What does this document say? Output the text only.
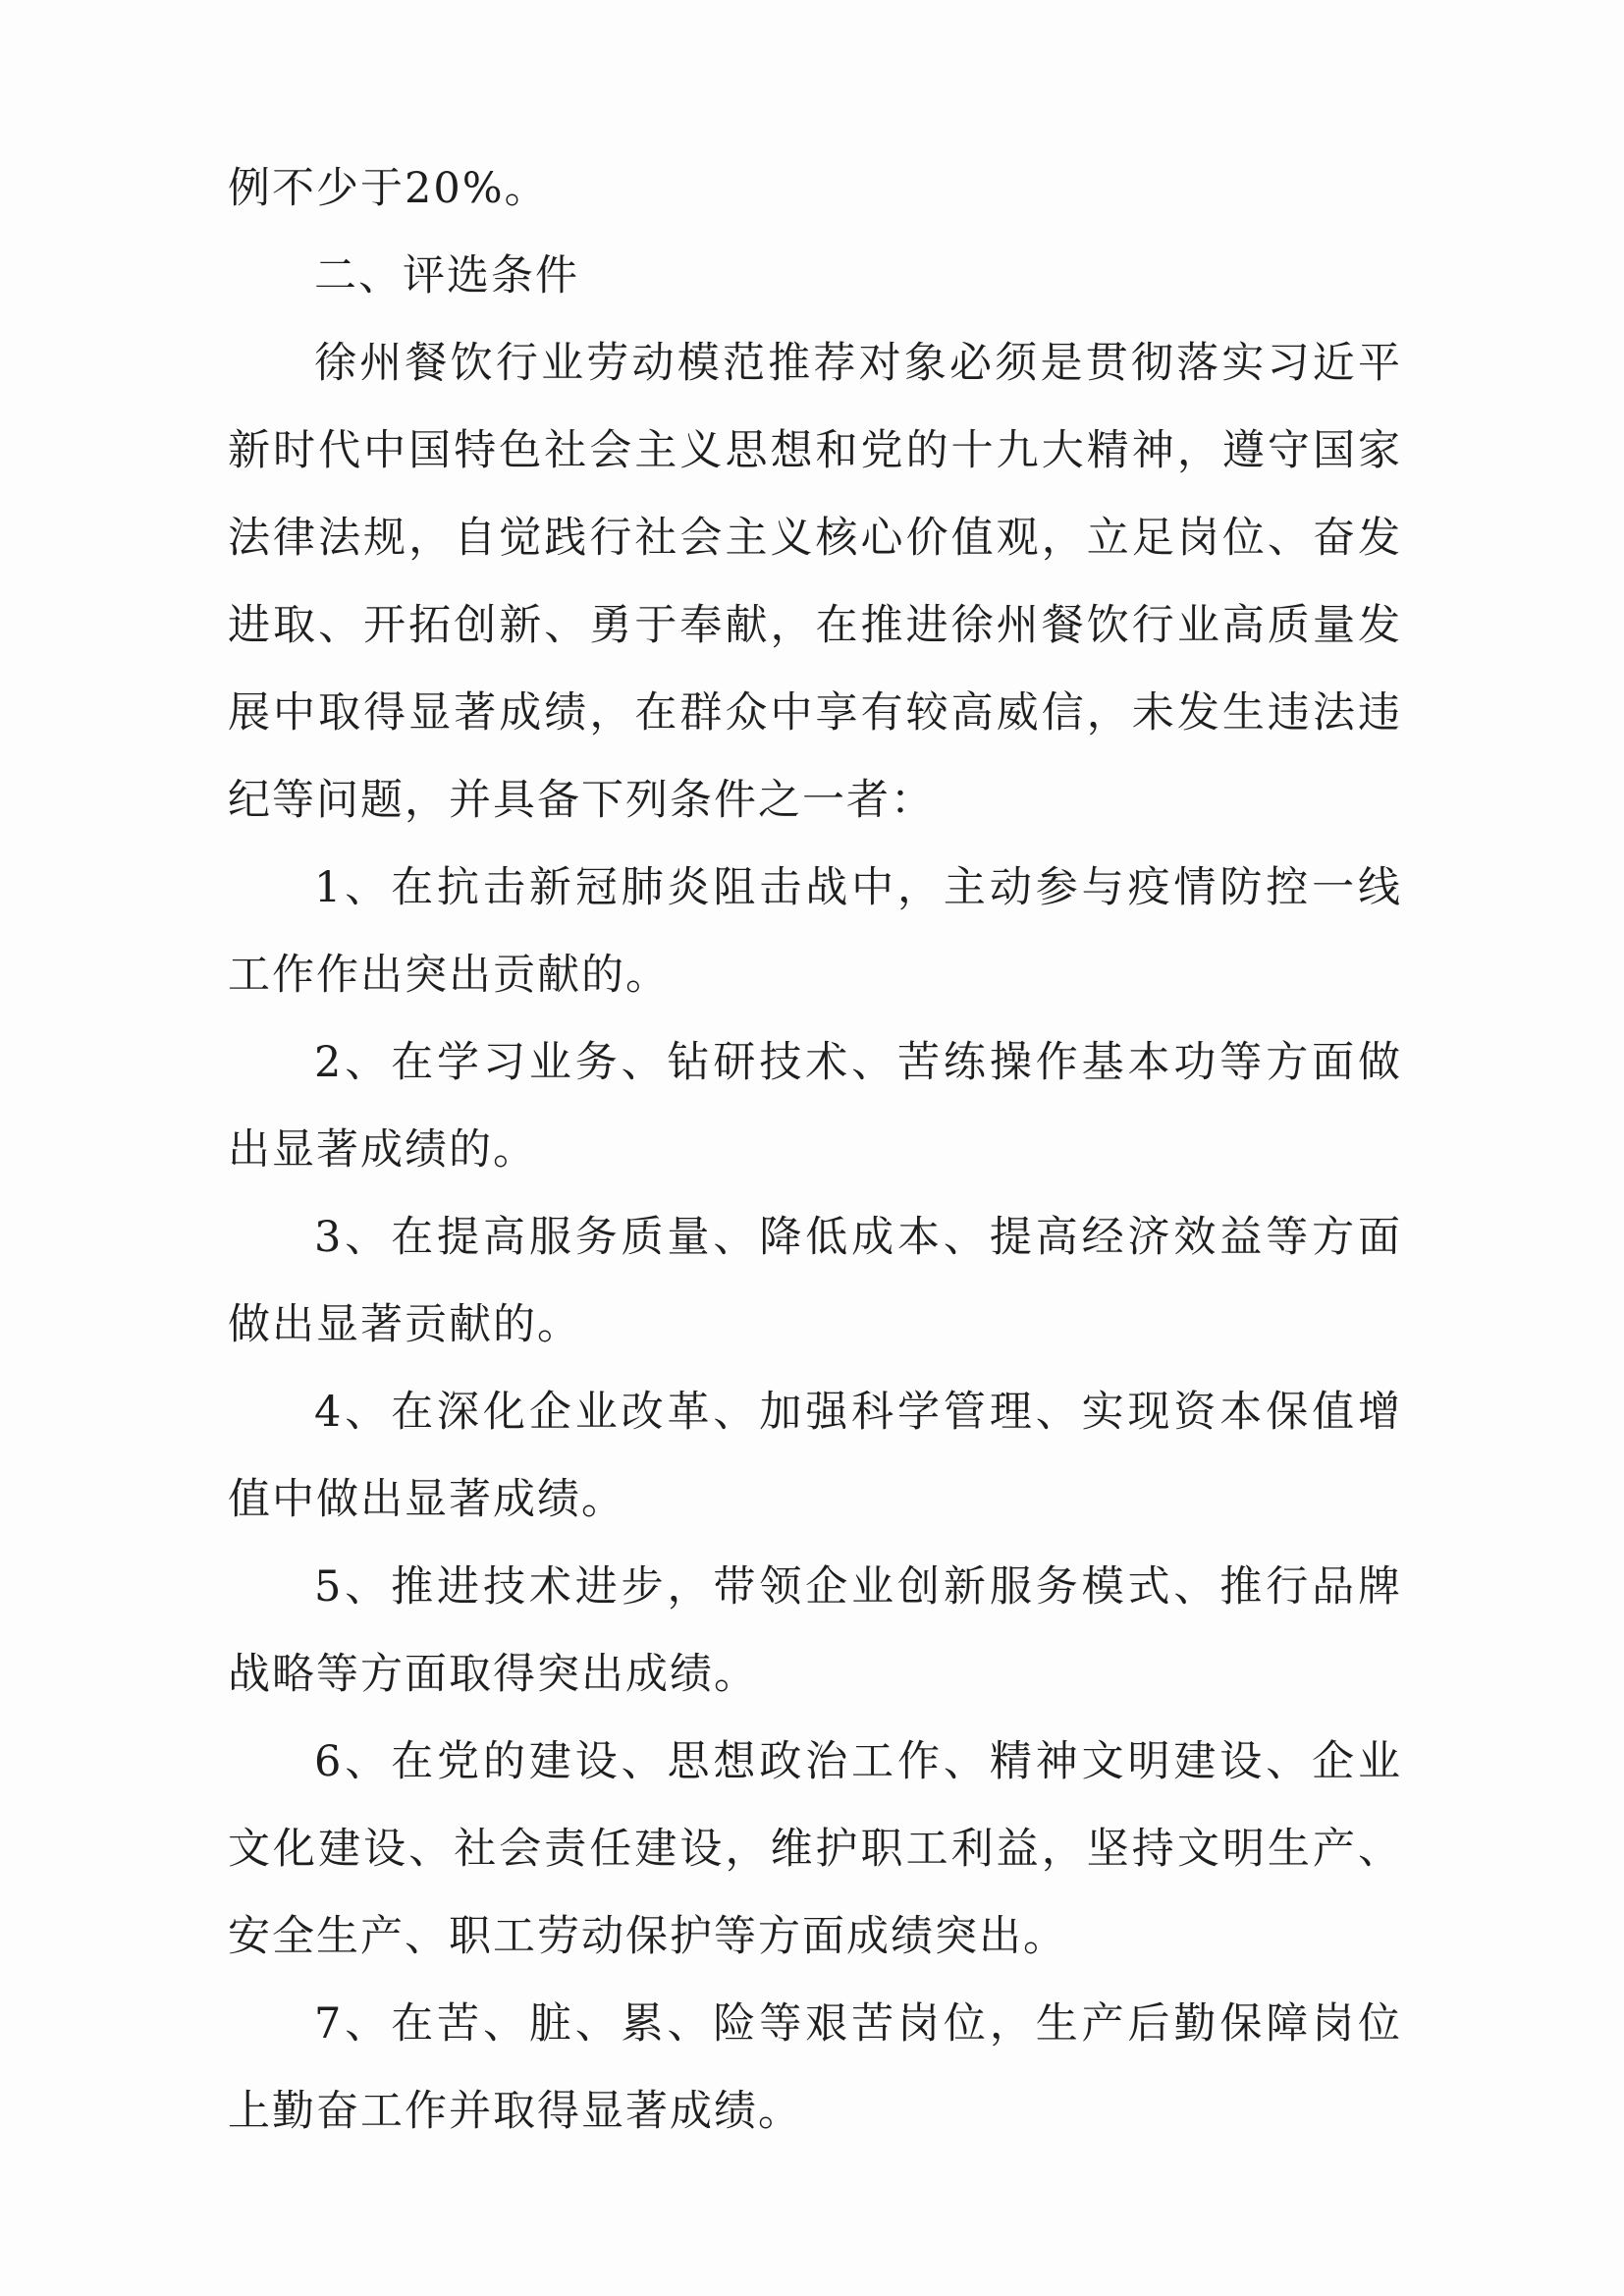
例不少于20%。

二、评选条件

徐州餐饮行业劳动模范推荐对象必须是贯彻落实习近平新时代中国特色社会主义思想和党的十九大精神，遵守国家法律法规，自觉践行社会主义核心价值观，立足岗位、奋发进取、开拓创新、勇于奉献，在推进徐州餐饮行业高质量发展中取得显著成绩，在群众中享有较高威信，未发生违法违纪等问题，并具备下列条件之一者：

1、在抗击新冠肺炎阻击战中，主动参与疫情防控一线工作作出突出贡献的。

2、在学习业务、钻研技术、苦练操作基本功等方面做出显著成绩的。

3、在提高服务质量、降低成本、提高经济效益等方面做出显著贡献的。

4、在深化企业改革、加强科学管理、实现资本保值增值中做出显著成绩。

5、推进技术进步，带领企业创新服务模式、推行品牌战略等方面取得突出成绩。

6、在党的建设、思想政治工作、精神文明建设、企业文化建设、社会责任建设，维护职工利益，坚持文明生产、安全生产、职工劳动保护等方面成绩突出。

7、在苦、脏、累、险等艰苦岗位，生产后勤保障岗位上勤奋工作并取得显著成绩。
